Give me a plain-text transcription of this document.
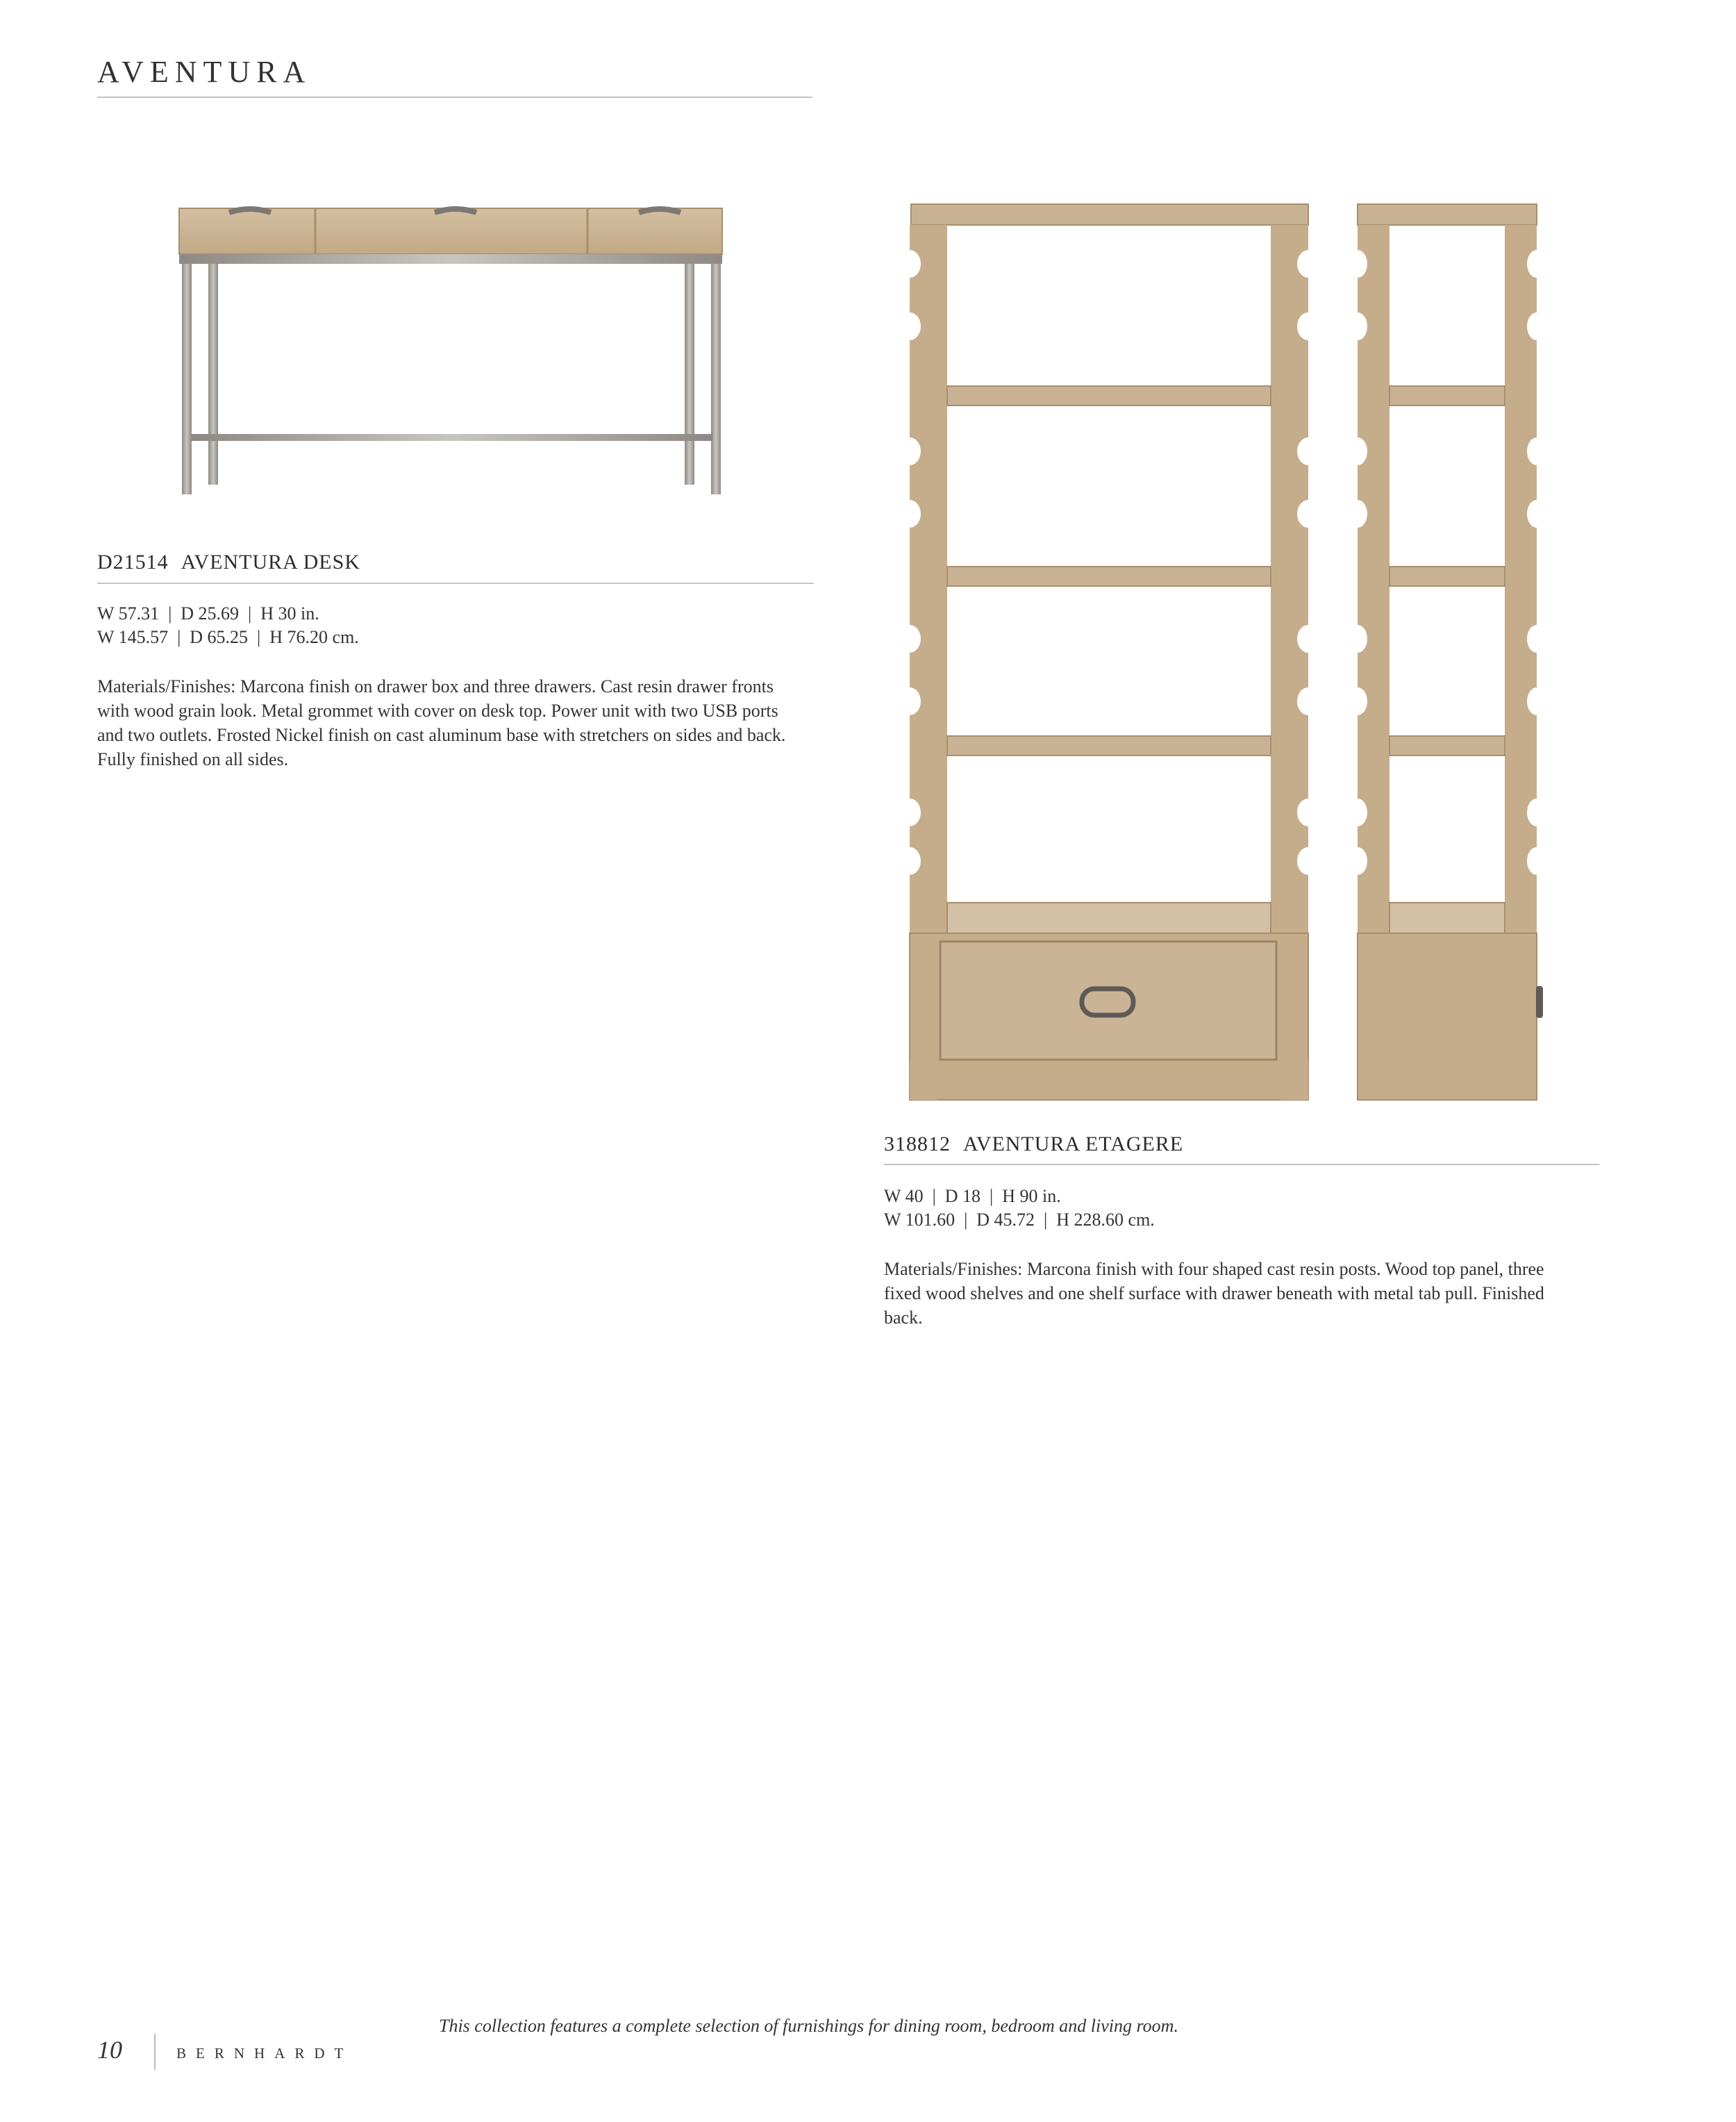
AVENTURA
D21514 AVENTURA DESK
W 57.31  |  D 25.69  |  H 30 in.
W 145.57  |  D 65.25  |  H 76.20 cm.
Materials/Finishes: Marcona finish on drawer box and three drawers. Cast resin drawer fronts with wood grain look. Metal grommet with cover on desk top. Power unit with two USB ports and two outlets. Frosted Nickel finish on cast aluminum base with stretchers on sides and back. Fully finished on all sides.
318812 AVENTURA ETAGERE
W 40  |  D 18  |  H 90 in.
W 101.60  |  D 45.72  |  H 228.60 cm.
Materials/Finishes: Marcona finish with four shaped cast resin posts. Wood top panel, three fixed wood shelves and one shelf surface with drawer beneath with metal tab pull. Finished back.
This collection features a complete selection of furnishings for dining room, bedroom and living room.
10	BERNHARDT
